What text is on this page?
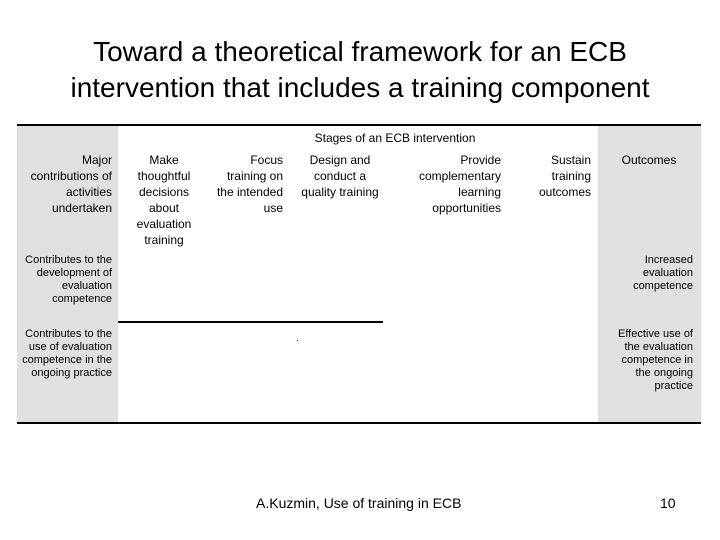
Toward a theoretical framework for an ECB
intervention that includes a training component
Stages of an ECB intervention
Major contributions of activities undertaken
Make thoughtful decisions about evaluation training
Focus training on the intended use
Design and conduct a quality training
Provide complementary learning opportunities
Sustain training outcomes
Outcomes
Contributes to the development of evaluation competence
Increased evaluation competence
Contributes to the use of evaluation competence in the ongoing practice
Effective use of the evaluation competence in the ongoing practice
.
A.Kuzmin, Use of training in ECB	10
